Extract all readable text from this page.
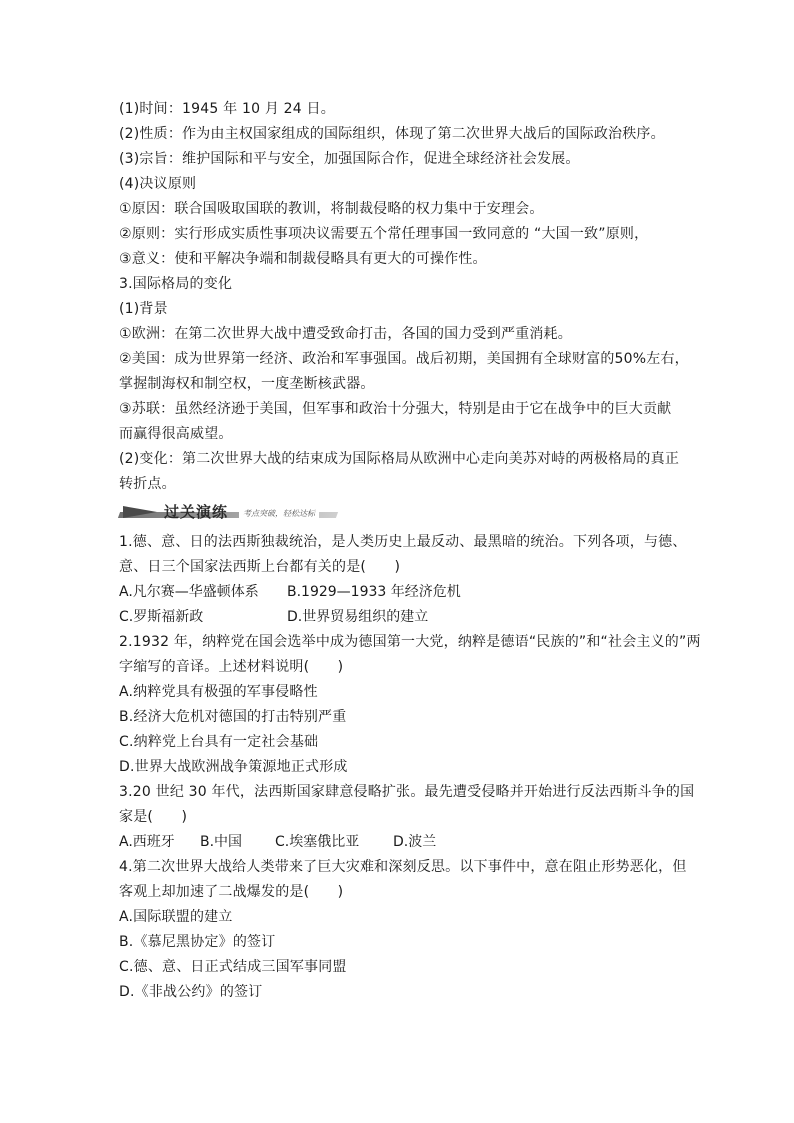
(1)时间：1945 年 10 月 24 日。
(2)性质：作为由主权国家组成的国际组织，体现了第二次世界大战后的国际政治秩序。
(3)宗旨：维护国际和平与安全，加强国际合作，促进全球经济社会发展。
(4)决议原则
①原因：联合国吸取国联的教训，将制裁侵略的权力集中于安理会。
②原则：实行形成实质性事项决议需要五个常任理事国一致同意的 “大国一致”原则，
③意义：使和平解决争端和制裁侵略具有更大的可操作性。
3.国际格局的变化
(1)背景
①欧洲：在第二次世界大战中遭受致命打击，各国的国力受到严重消耗。
②美国：成为世界第一经济、政治和军事强国。战后初期，美国拥有全球财富的50%左右，
掌握制海权和制空权，一度垄断核武器。
③苏联：虽然经济逊于美国，但军事和政治十分强大，特别是由于它在战争中的巨大贡献
而赢得很高威望。
(2)变化：第二次世界大战的结束成为国际格局从欧洲中心走向美苏对峙的两极格局的真正
转折点。
过关演练	考点突破，轻松达标
1.德、意、日的法西斯独裁统治，是人类历史上最反动、最黑暗的统治。下列各项，与德、
意、日三个国家法西斯上台都有关的是(　　)
A.凡尔赛—华盛顿体系	B.1929—1933 年经济危机
C.罗斯福新政	D.世界贸易组织的建立
2.1932 年，纳粹党在国会选举中成为德国第一大党，纳粹是德语“民族的”和“社会主义的”两
字缩写的音译。上述材料说明(　　)
A.纳粹党具有极强的军事侵略性
B.经济大危机对德国的打击特别严重
C.纳粹党上台具有一定社会基础
D.世界大战欧洲战争策源地正式形成
3.20 世纪 30 年代，法西斯国家肆意侵略扩张。最先遭受侵略并开始进行反法西斯斗争的国
家是(　　)
A.西班牙	B.中国	C.埃塞俄比亚	D.波兰
4.第二次世界大战给人类带来了巨大灾难和深刻反思。以下事件中，意在阻止形势恶化，但
客观上却加速了二战爆发的是(　　)
A.国际联盟的建立
B.《慕尼黑协定》的签订
C.德、意、日正式结成三国军事同盟
D.《非战公约》的签订
